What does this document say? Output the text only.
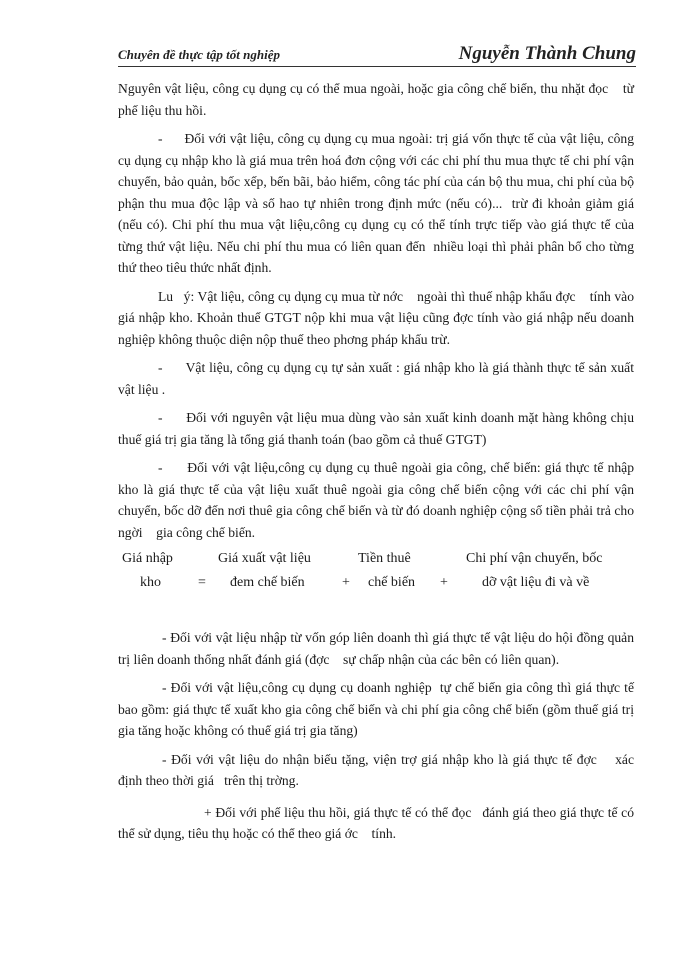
Chuyên đề thực tập tốt nghiệp	Nguyễn Thành Chung

Nguyên vật liệu, công cụ dụng cụ có thể mua ngoài, hoặc gia công chế biến, thu nhặt đọc    từ phế liệu thu hồi.

-      Đối với vật liệu, công cụ dụng cụ mua ngoài: trị giá vốn thực tế của vật liệu, công cụ dụng cụ nhập kho là giá mua trên hoá đơn cộng với các chi phí thu mua thực tế chi phí vận chuyển, bảo quản, bốc xếp, bến bãi, bảo hiểm, công tác phí của cán bộ thu mua, chi phí của bộ phận thu mua độc lập và số hao tự nhiên trong định mức (nếu có)...  trừ đi khoản giảm giá (nếu có). Chi phí thu mua vật liệu,công cụ dụng cụ có thể tính trực tiếp vào giá thực tế của từng thứ vật liệu. Nếu chi phí thu mua có liên quan đến  nhiều loại thì phải phân bổ cho từng thứ theo tiêu thức nhất định.

Lu   ý: Vật liệu, công cụ dụng cụ mua từ nớc    ngoài thì thuế nhập khẩu đợc    tính vào giá nhập kho. Khoản thuế GTGT nộp khi mua vật liệu cũng đợc tính vào giá nhập nếu doanh nghiệp không thuộc diện nộp thuế theo phơng pháp khấu trừ.

-      Vật liệu, công cụ dụng cụ tự sản xuất : giá nhập kho là giá thành thực tế sản xuất vật liệu .

-      Đối với nguyên vật liệu mua dùng vào sản xuất kinh doanh mặt hàng không chịu thuế giá trị gia tăng là tổng giá thanh toán (bao gồm cả thuế GTGT)

-      Đối với vật liệu,công cụ dụng cụ thuê ngoài gia công, chế biến: giá thực tế nhập kho là giá thực tế của vật liệu xuất thuê ngoài gia công chế biến cộng với các chi phí vận chuyển, bốc dỡ đến nơi thuê gia công chế biến và từ đó doanh nghiệp cộng số tiền phải trả cho ngời    gia công chế biến.

Giá nhập	Giá xuất vật liệu	Tiền thuê	Chi phí vận chuyển, bốc
kho	= đem chế biến	+ chế biến + dỡ vật liệu đi và về

- Đối với vật liệu nhập từ vốn góp liên doanh thì giá thực tế vật liệu do hội đồng quản trị liên doanh thống nhất đánh giá (đợc    sự chấp nhận của các bên có liên quan).

- Đối với vật liệu,công cụ dụng cụ doanh nghiệp  tự chế biến gia công thì giá thực tế bao gồm: giá thực tế xuất kho gia công chế biến và chi phí gia công chế biến (gồm thuế giá trị gia tăng hoặc không có thuế giá trị gia tăng)

- Đối với vật liệu do nhận biếu tặng, viện trợ giá nhập kho là giá thực tế đợc    xác định theo thời giá   trên thị trờng.

+ Đối với phế liệu thu hồi, giá thực tế có thể đọc   đánh giá theo giá thực tế có thể sử dụng, tiêu thụ hoặc có thể theo giá ớc    tính.
